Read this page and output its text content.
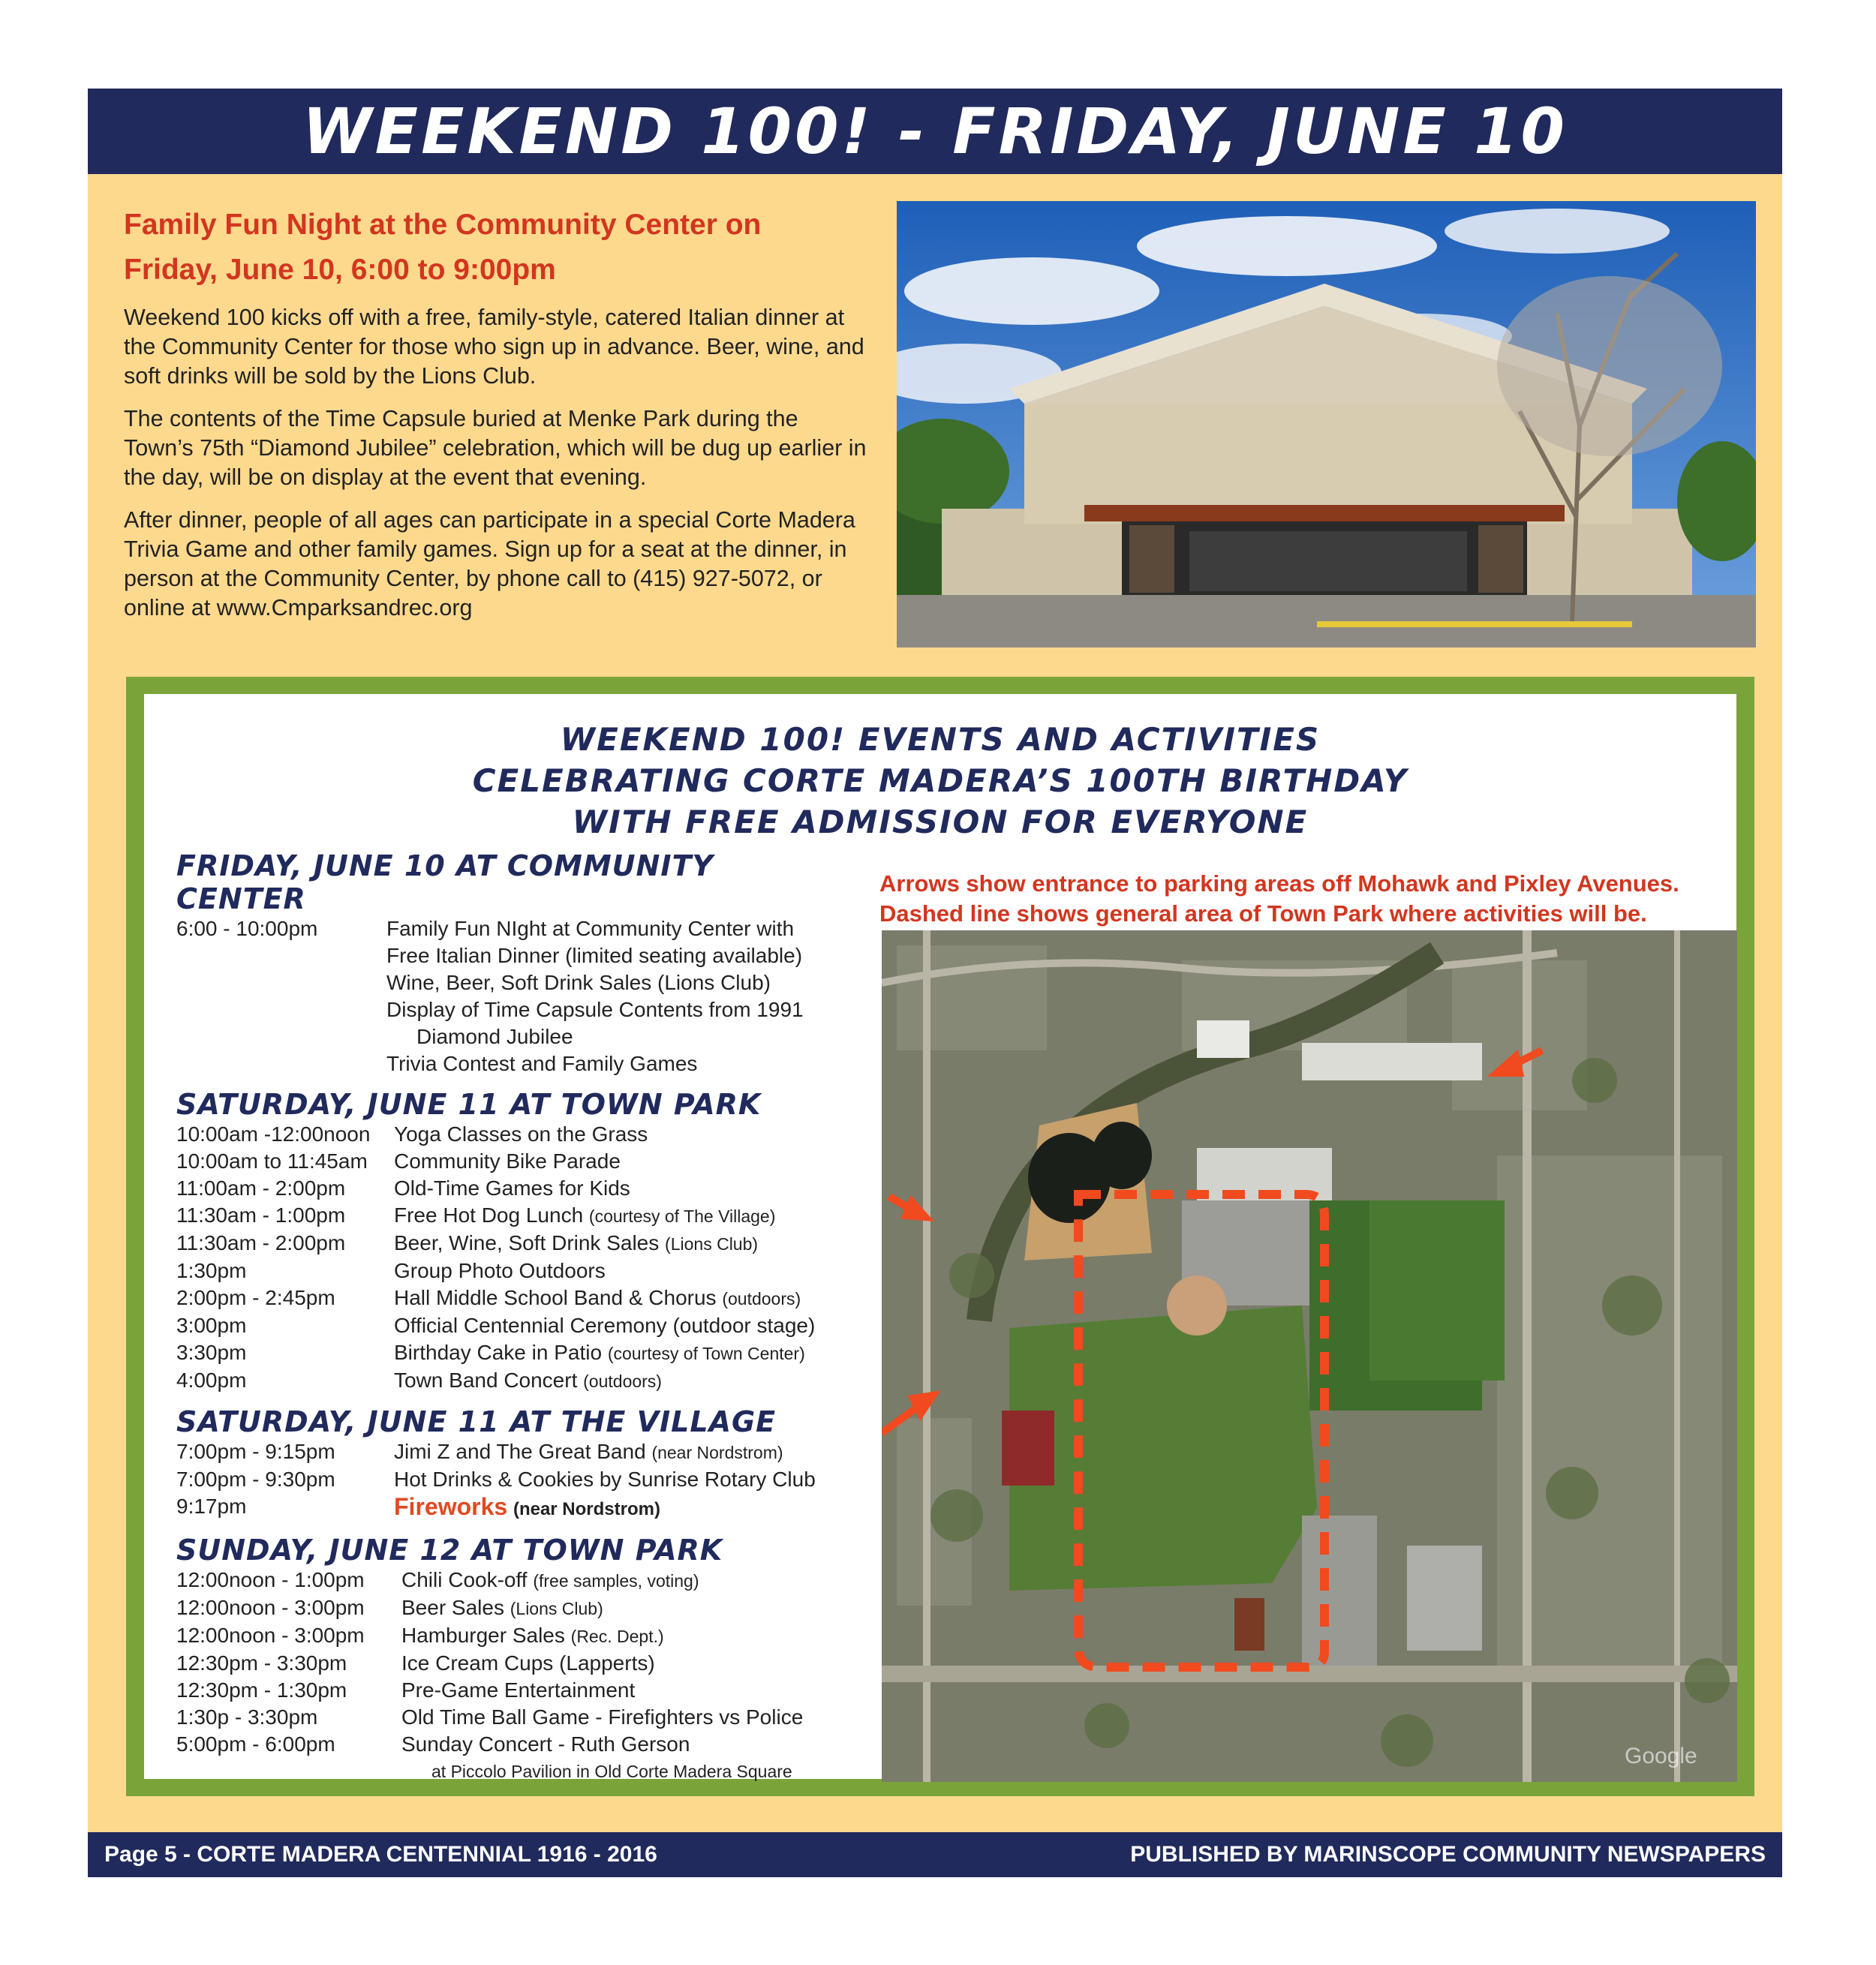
WEEKEND 100! - FRIDAY, JUNE 10
Family Fun Night at the Community Center on
Friday, June 10, 6:00 to 9:00pm

Weekend 100 kicks off with a free, family-style, catered Italian dinner at the Community Center for those who sign up in advance. Beer, wine, and soft drinks will be sold by the Lions Club.

The contents of the Time Capsule buried at Menke Park during the Town’s 75th “Diamond Jubilee” celebration, which will be dug up earlier in the day, will be on display at the event that evening.

After dinner, people of all ages can participate in a special Corte Madera Trivia Game and other family games. Sign up for a seat at the dinner, in person at the Community Center, by phone call to (415) 927-5072, or online at www.Cmparksandrec.org

WEEKEND 100! EVENTS AND ACTIVITIES
CELEBRATING CORTE MADERA’S 100TH BIRTHDAY
WITH FREE ADMISSION FOR EVERYONE
FRIDAY, JUNE 10 AT COMMUNITY CENTER
6:00 - 10:00pm	Family Fun NIght at Community Center with
Free Italian Dinner (limited seating available)
Wine, Beer, Soft Drink Sales (Lions Club)
Display of Time Capsule Contents from 1991
Diamond Jubilee
Trivia Contest and Family Games
SATURDAY, JUNE 11 AT TOWN PARK
10:00am -12:00noon	Yoga Classes on the Grass
10:00am to 11:45am	Community Bike Parade
11:00am - 2:00pm	Old-Time Games for Kids
11:30am - 1:00pm	Free Hot Dog Lunch (courtesy of The Village)
11:30am - 2:00pm	Beer, Wine, Soft Drink Sales (Lions Club)
1:30pm	Group Photo Outdoors
2:00pm - 2:45pm	Hall Middle School Band & Chorus (outdoors)
3:00pm	Official Centennial Ceremony (outdoor stage)
3:30pm	Birthday Cake in Patio (courtesy of Town Center)
4:00pm	Town Band Concert (outdoors)
SATURDAY, JUNE 11 AT THE VILLAGE
7:00pm - 9:15pm	Jimi Z and The Great Band (near Nordstrom)
7:00pm - 9:30pm	Hot Drinks & Cookies by Sunrise Rotary Club
9:17pm	Fireworks (near Nordstrom)
SUNDAY, JUNE 12 AT TOWN PARK
12:00noon - 1:00pm	Chili Cook-off (free samples, voting)
12:00noon - 3:00pm	Beer Sales (Lions Club)
12:00noon - 3:00pm	Hamburger Sales (Rec. Dept.)
12:30pm - 3:30pm	Ice Cream Cups (Lapperts)
12:30pm - 1:30pm	Pre-Game Entertainment
1:30p - 3:30pm	Old Time Ball Game - Firefighters vs Police
5:00pm - 6:00pm	Sunday Concert - Ruth Gerson
at Piccolo Pavilion in Old Corte Madera Square
Arrows show entrance to parking areas off Mohawk and Pixley Avenues.
Dashed line shows general area of Town Park where activities will be.
Google
Page 5 - CORTE MADERA CENTENNIAL 1916 - 2016	PUBLISHED BY MARINSCOPE COMMUNITY NEWSPAPERS
